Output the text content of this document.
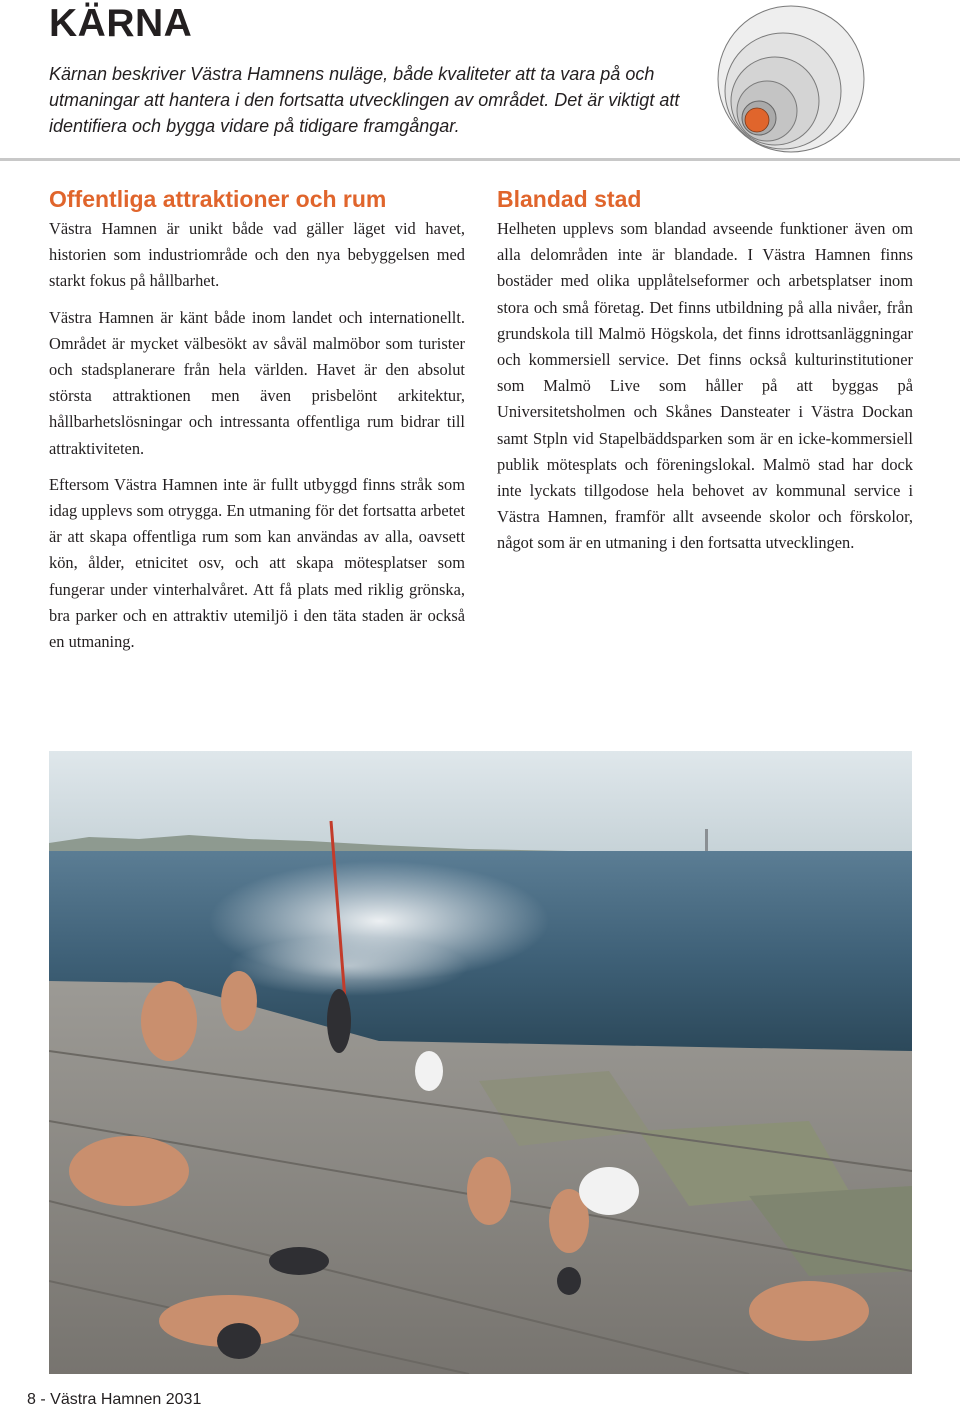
KÄRNA

Kärnan beskriver Västra Hamnens nuläge, både kvaliteter att ta vara på och utmaningar att hantera i den fortsatta utvecklingen av området. Det är viktigt att identifiera och bygga vidare på tidigare framgångar.

Offentliga attraktioner och rum

Västra Hamnen är unikt både vad gäller läget vid havet, historien som industriområde och den nya bebyggelsen med starkt fokus på hållbarhet.

Västra Hamnen är känt både inom landet och internationellt. Området är mycket välbesökt av såväl malmöbor som turister och stadsplanerare från hela världen. Havet är den absolut största attraktionen men även prisbelönt arkitektur, hållbarhetslösningar och intressanta offentliga rum bidrar till attraktiviteten.

Eftersom Västra Hamnen inte är fullt utbyggd finns stråk som idag upplevs som otrygga. En utmaning för det fortsatta arbetet är att skapa offentliga rum som kan användas av alla, oavsett kön, ålder, etnicitet osv, och att skapa mötesplatser som fungerar under vinterhalvåret. Att få plats med riklig grönska, bra parker och en attraktiv utemiljö i den täta staden är också en utmaning.

Blandad stad

Helheten upplevs som blandad avseende funktioner även om alla delområden inte är blandade. I Västra Hamnen finns bostäder med olika upplåtelseformer och arbetsplatser inom stora och små företag. Det finns utbildning på alla nivåer, från grundskola till Malmö Högskola, det finns idrottsanläggningar och kommersiell service. Det finns också kulturinstitutioner som Malmö Live som håller på att byggas på Universitetsholmen och Skånes Dansteater i Västra Dockan samt Stpln vid Stapelbäddsparken som är en icke-kommersiell publik mötesplats och föreningslokal. Malmö stad har dock inte lyckats tillgodose hela behovet av kommunal service i Västra Hamnen, framför allt avseende skolor och förskolor, något som är en utmaning i den fortsatta utvecklingen.

8 - Västra Hamnen 2031
